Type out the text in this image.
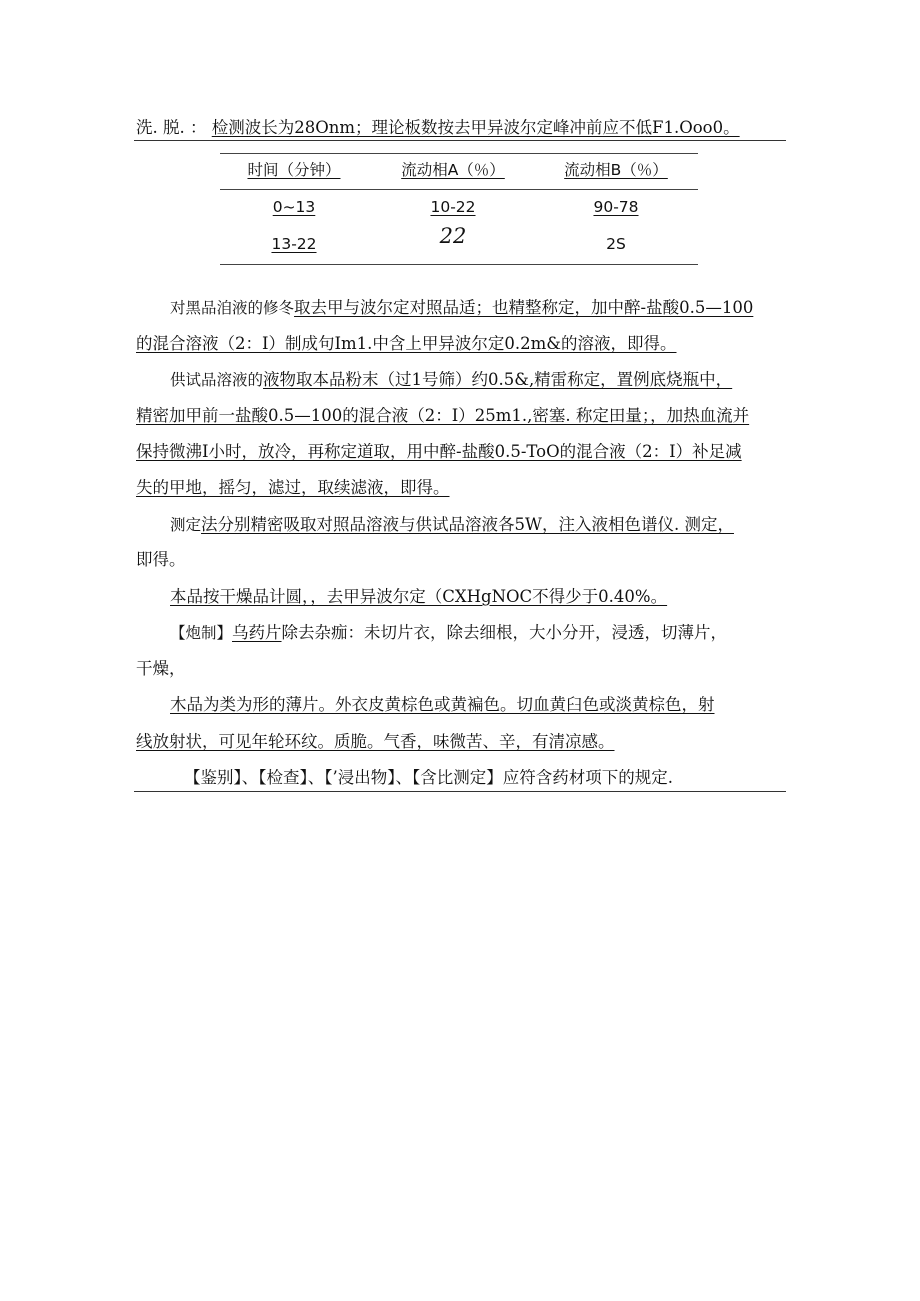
洗. 脱. ： 检测波长为28Onm；理论板数按去甲异波尔定峰冲前应不低F1.Ooo0。
时间（分钟）	流动相A（％）	流动相B（％）
0~13	10-22	90-78
13-22	22	2S
对黑品洎液的修冬取去甲与波尔定对照品适；也精整称定，加中醉-盐酸0.5—100
的混合溶液（2：I）制成句Im1.中含上甲异波尔定0.2m&的溶液，即得。
供试品溶液的液物取本品粉末（过1号筛）约0.5&,精雷称定，置例底烧瓶中，
精密加甲前一盐酸0.5—100的混合液（2：I）25m1.,密塞. 称定田量；，加热血流并
保持微沸I小时，放冷，再称定道取，用中醉-盐酸0.5-ToO的混合液（2：I）补足减
失的甲地，摇匀，滤过，取续滤液，即得。
测定法分别精密吸取对照品溶液与供试品溶液各5W，注入液相色谱仪. 测定，
即得。
本品按干燥品计圆，，去甲异波尔定（CXHgNOC不得少于0.40%。
【炮制】乌药片除去杂痂：未切片衣，除去细根，大小分开，浸透，切薄片，
干燥，
木品为类为形的薄片。外衣皮黄棕色或黄褊色。切血黄臼色或淡黄棕色，射
线放射状，可见年轮环纹。质脆。气香，味微苦、辛，有清凉感。
【鉴别】、【检查】、【’浸出物】、【含比测定】应符含药材项下的规定.
